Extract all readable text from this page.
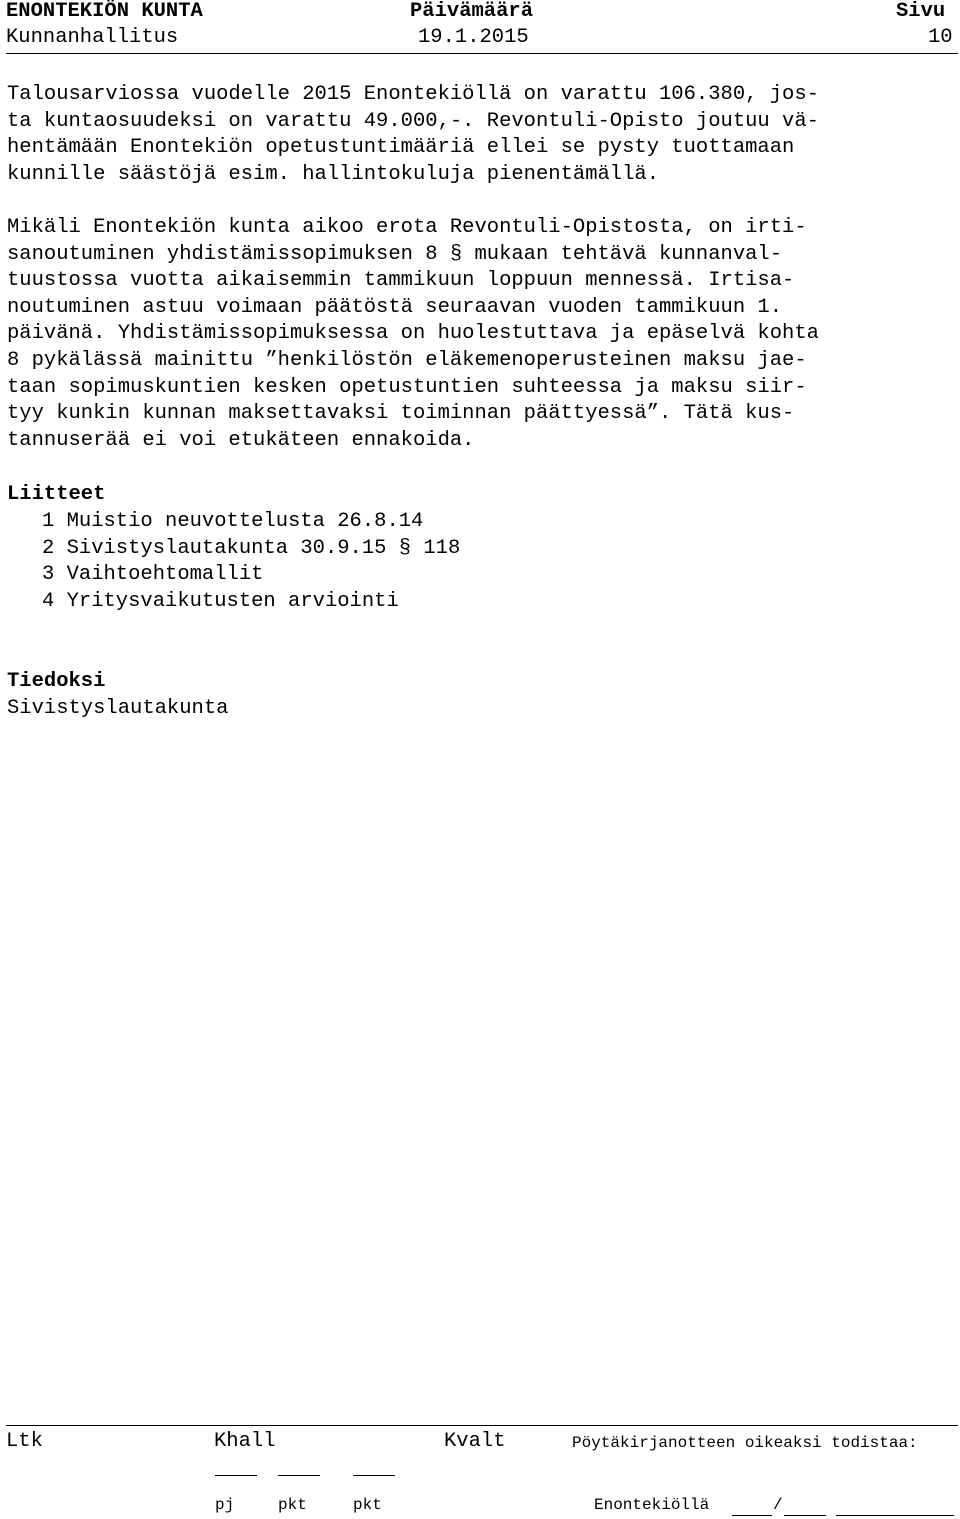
ENONTEKIÖN KUNTA	Päivämäärä	Sivu
Kunnanhallitus	19.1.2015	10
Talousarviossa vuodelle 2015 Enontekiöllä on varattu 106.380, jos-
ta kuntaosuudeksi on varattu 49.000,-. Revontuli-Opisto joutuu vä-
hentämään Enontekiön opetustuntimääriä ellei se pysty tuottamaan
kunnille säästöjä esim. hallintokuluja pienentämällä.
Mikäli Enontekiön kunta aikoo erota Revontuli-Opistosta, on irti-
sanoutuminen yhdistämissopimuksen 8 § mukaan tehtävä kunnanval-
tuustossa vuotta aikaisemmin tammikuun loppuun mennessä. Irtisa-
noutuminen astuu voimaan päätöstä seuraavan vuoden tammikuun 1.
päivänä. Yhdistämissopimuksessa on huolestuttava ja epäselvä kohta
8 pykälässä mainittu ”henkilöstön eläkemenoperusteinen maksu jae-
taan sopimuskuntien kesken opetustuntien suhteessa ja maksu siir-
tyy kunkin kunnan maksettavaksi toiminnan päättyessä”. Tätä kus-
tannuserää ei voi etukäteen ennakoida.
Liitteet
1 Muistio neuvottelusta 26.8.14
2 Sivistyslautakunta 30.9.15 § 118
3 Vaihtoehtomallit
4 Yritysvaikutusten arviointi
Tiedoksi
Sivistyslautakunta
Ltk	Khall	Kvalt	Pöytäkirjanotteen oikeaksi todistaa:
pj	pkt	pkt	Enontekiöllä	/
